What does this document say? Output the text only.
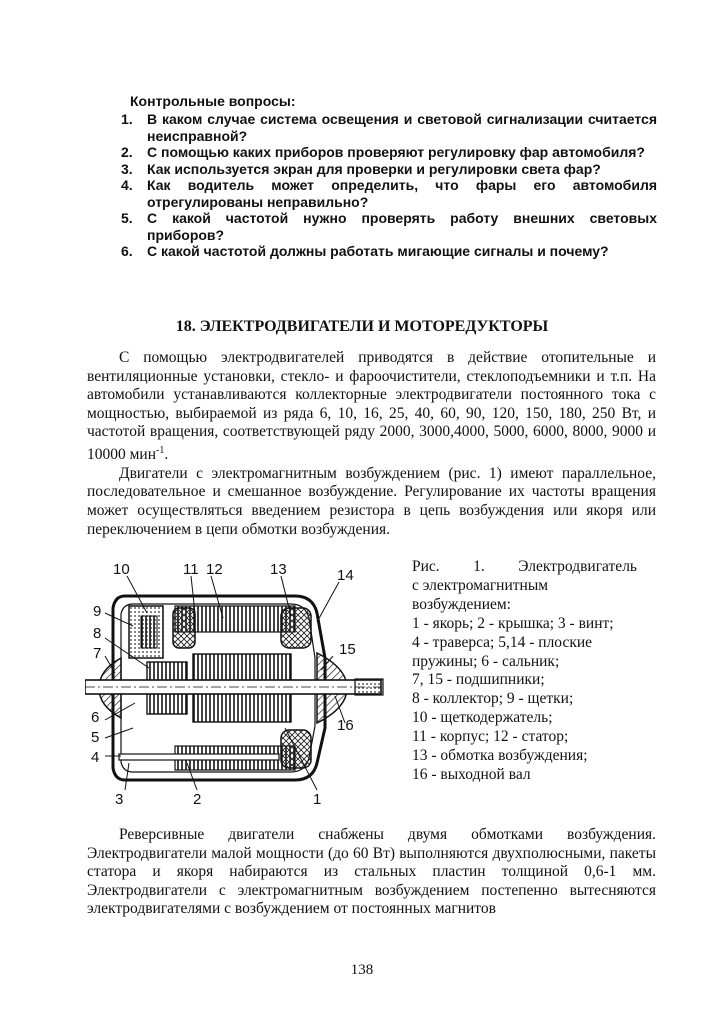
Контрольные вопросы:
1. В каком случае система освещения и световой сигнализации считается неисправной?
2. С помощью каких приборов проверяют регулировку фар автомобиля?
3. Как используется экран для проверки и регулировки света фар?
4. Как водитель может определить, что фары его автомобиля отрегулированы неправильно?
5. С какой частотой нужно проверять работу внешних световых приборов?
6. С какой частотой должны работать мигающие сигналы и почему?
18. ЭЛЕКТРОДВИГАТЕЛИ И МОТОРЕДУКТОРЫ

С помощью электродвигателей приводятся в действие отопительные и вентиляционные установки, стекло- и фароочистители, стеклоподъемники и т.п. На автомобили устанавливаются коллекторные электродвигатели постоянного тока с мощностью, выбираемой из ряда 6, 10, 16, 25, 40, 60, 90, 120, 150, 180, 250 Вт, и частотой вращения, соответствующей ряду 2000, 3000,4000, 5000, 6000, 8000, 9000 и 10000 мин$^{-1}$.

Двигатели с электромагнитным возбуждением (рис. 1) имеют параллельное, последовательное и смешанное возбуждение. Регулирование их частоты вращения может осуществляться введением резистора в цепь возбуждения или якоря или переключением в цепи обмотки возбуждения.

10	11 12	13	14
15
16
9
8
7
6
5
4
3	2	1
Рис. 1. Электродвигатель
с электромагнитным
возбуждением:
1 - якорь; 2 - крышка; 3 - винт;
4 - траверса; 5,14 - плоские
пружины; 6 - сальник;
7, 15 - подшипники;
8 - коллектор; 9 - щетки;
10 - щеткодержатель;
11 - корпус; 12 - статор;
13 - обмотка возбуждения;
16 - выходной вал

Реверсивные двигатели снабжены двумя обмотками возбуждения. Электродвигатели малой мощности (до 60 Вт) выполняются двухполюсными, пакеты статора и якоря набираются из стальных пластин толщиной 0,6-1 мм. Электродвигатели с электромагнитным возбуждением постепенно вытесняются электродвигателями с возбуждением от постоянных магнитов

138
